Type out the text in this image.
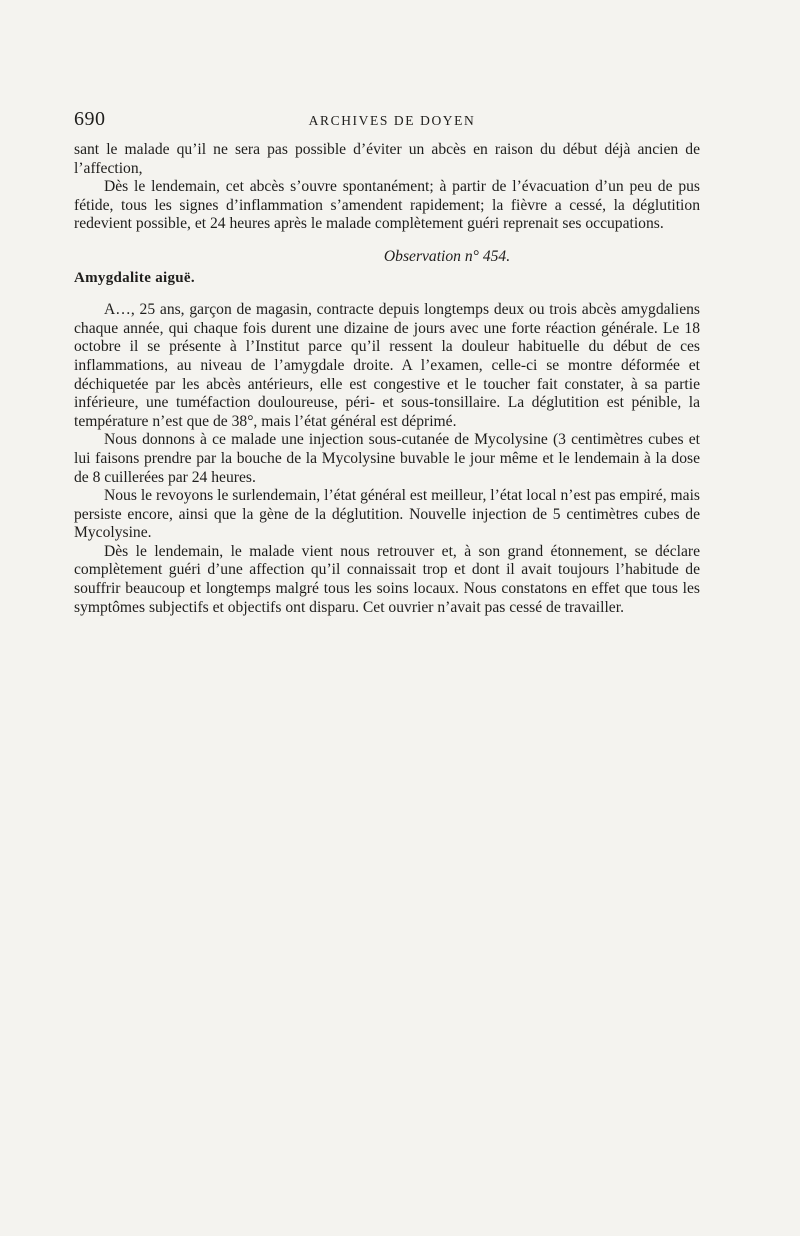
690	ARCHIVES DE DOYEN

sant le malade qu’il ne sera pas possible d’éviter un abcès en raison du début déjà ancien de l’affection,

Dès le lendemain, cet abcès s’ouvre spontanément; à partir de l’évacuation d’un peu de pus fétide, tous les signes d’inflammation s’amendent rapidement; la fièvre a cessé, la déglutition redevient possible, et 24 heures après le malade complètement guéri reprenait ses occupations.

Observation n° 454.
Amygdalite aiguë.

A…, 25 ans, garçon de magasin, contracte depuis longtemps deux ou trois abcès amygdaliens chaque année, qui chaque fois durent une dizaine de jours avec une forte réaction générale. Le 18 octobre il se présente à l’Institut parce qu’il ressent la douleur habituelle du début de ces inflammations, au niveau de l’amygdale droite. A l’examen, celle-ci se montre déformée et déchiquetée par les abcès antérieurs, elle est congestive et le toucher fait constater, à sa partie inférieure, une tuméfaction douloureuse, péri- et sous-tonsillaire. La déglutition est pénible, la température n’est que de 38°, mais l’état général est déprimé.

Nous donnons à ce malade une injection sous-cutanée de Mycolysine (3 centimètres cubes et lui faisons prendre par la bouche de la Mycolysine buvable le jour même et le lendemain à la dose de 8 cuillerées par 24 heures.

Nous le revoyons le surlendemain, l’état général est meilleur, l’état local n’est pas empiré, mais persiste encore, ainsi que la gène de la déglutition. Nouvelle injection de 5 centimètres cubes de Mycolysine.

Dès le lendemain, le malade vient nous retrouver et, à son grand étonnement, se déclare complètement guéri d’une affection qu’il connaissait trop et dont il avait toujours l’habitude de souffrir beaucoup et longtemps malgré tous les soins locaux. Nous constatons en effet que tous les symptômes subjectifs et objectifs ont disparu. Cet ouvrier n’avait pas cessé de travailler.
